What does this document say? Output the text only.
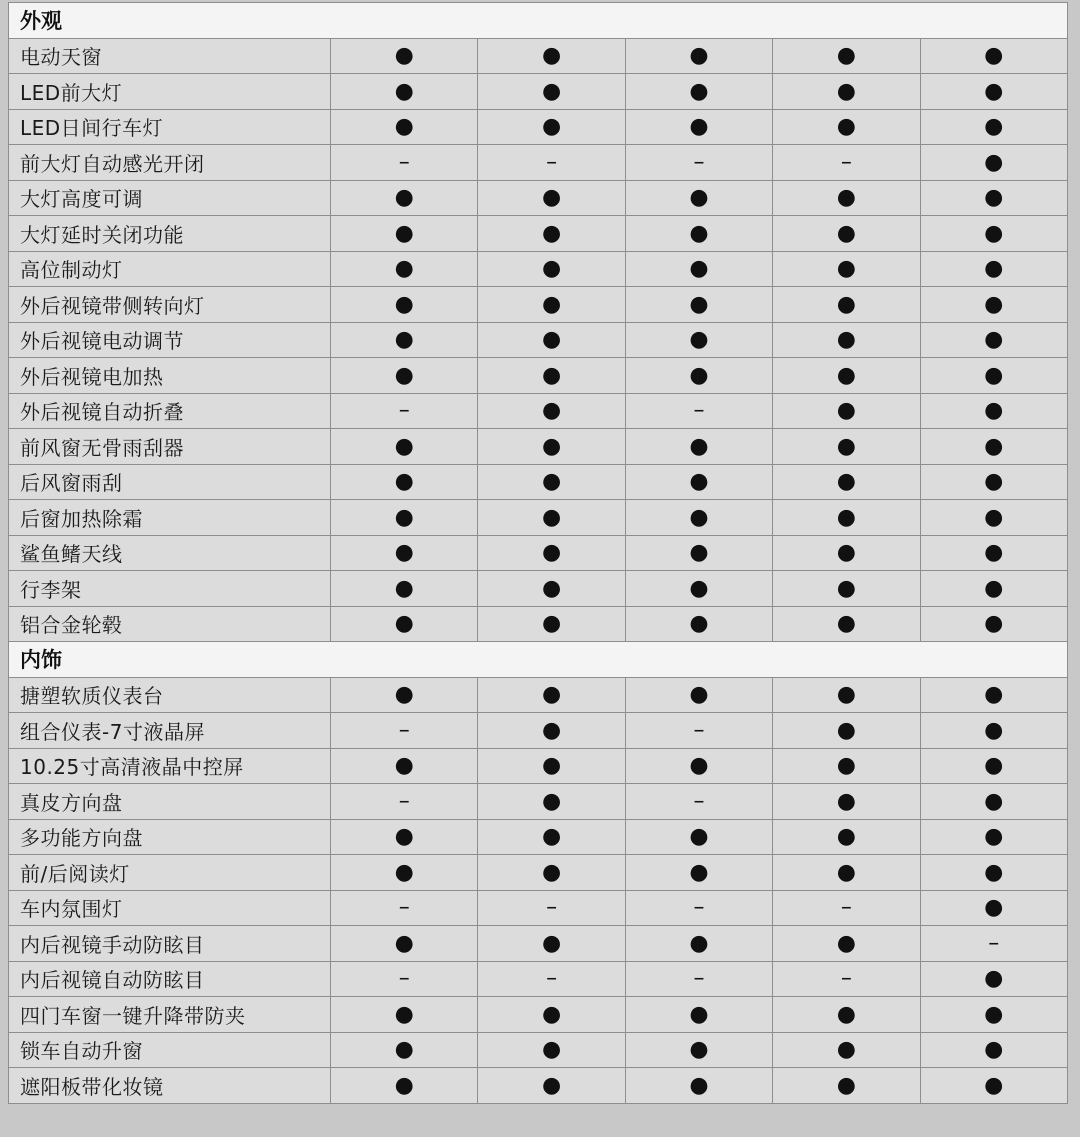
外观					
电动天窗	●	●	●	●	●
LED前大灯	●	●	●	●	●
LED日间行车灯	●	●	●	●	●
前大灯自动感光开闭	–	–	–	–	●
大灯高度可调	●	●	●	●	●
大灯延时关闭功能	●	●	●	●	●
高位制动灯	●	●	●	●	●
外后视镜带侧转向灯	●	●	●	●	●
外后视镜电动调节	●	●	●	●	●
外后视镜电加热	●	●	●	●	●
外后视镜自动折叠	–	●	–	●	●
前风窗无骨雨刮器	●	●	●	●	●
后风窗雨刮	●	●	●	●	●
后窗加热除霜	●	●	●	●	●
鲨鱼鳍天线	●	●	●	●	●
行李架	●	●	●	●	●
铝合金轮毂	●	●	●	●	●
内饰					
搪塑软质仪表台	●	●	●	●	●
组合仪表-7寸液晶屏	–	●	–	●	●
10.25寸高清液晶中控屏	●	●	●	●	●
真皮方向盘	–	●	–	●	●
多功能方向盘	●	●	●	●	●
前/后阅读灯	●	●	●	●	●
车内氛围灯	–	–	–	–	●
内后视镜手动防眩目	●	●	●	●	–
内后视镜自动防眩目	–	–	–	–	●
四门车窗一键升降带防夹	●	●	●	●	●
锁车自动升窗	●	●	●	●	●
遮阳板带化妆镜	●	●	●	●	●
